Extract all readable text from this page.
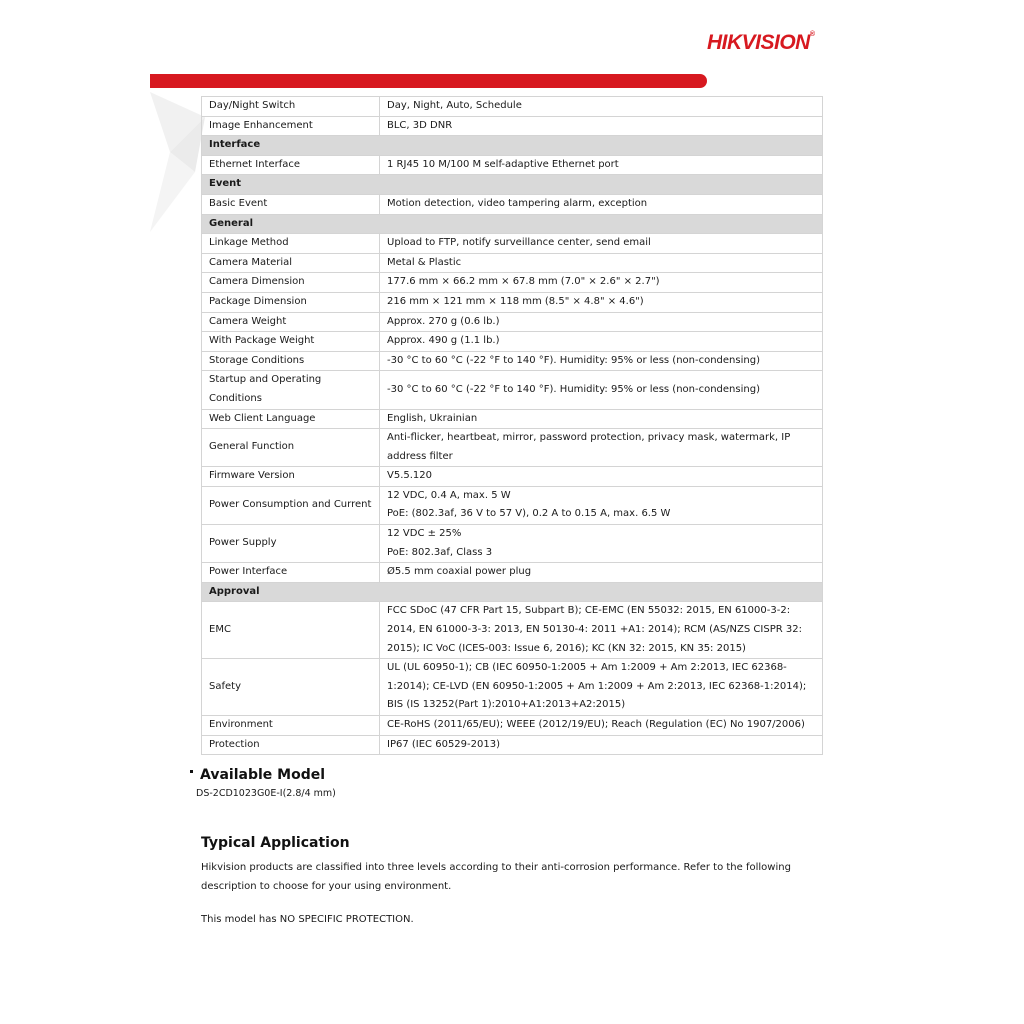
HIKVISION®
Day/Night Switch	Day, Night, Auto, Schedule
Image Enhancement	BLC, 3D DNR
Interface	
Ethernet Interface	1 RJ45 10 M/100 M self-adaptive Ethernet port
Event	
Basic Event	Motion detection, video tampering alarm, exception
General	
Linkage Method	Upload to FTP, notify surveillance center, send email
Camera Material	Metal & Plastic
Camera Dimension	177.6 mm × 66.2 mm × 67.8 mm (7.0" × 2.6" × 2.7")
Package Dimension	216 mm × 121 mm × 118 mm (8.5" × 4.8" × 4.6")
Camera Weight	Approx. 270 g (0.6 lb.)
With Package Weight	Approx. 490 g (1.1 lb.)
Storage Conditions	-30 °C to 60 °C (-22 °F to 140 °F). Humidity: 95% or less (non-condensing)
Startup and Operating Conditions	-30 °C to 60 °C (-22 °F to 140 °F). Humidity: 95% or less (non-condensing)
Web Client Language	English, Ukrainian
General Function	Anti-flicker, heartbeat, mirror, password protection, privacy mask, watermark, IP address filter
Firmware Version	V5.5.120
Power Consumption and Current	12 VDC, 0.4 A, max. 5 W
PoE: (802.3af, 36 V to 57 V), 0.2 A to 0.15 A, max. 6.5 W
Power Supply	12 VDC ± 25%
PoE: 802.3af, Class 3
Power Interface	Ø5.5 mm coaxial power plug
Approval	
EMC	FCC SDoC (47 CFR Part 15, Subpart B); CE-EMC (EN 55032: 2015, EN 61000-3-2: 2014, EN 61000-3-3: 2013, EN 50130-4: 2011 +A1: 2014); RCM (AS/NZS CISPR 32: 2015); IC VoC (ICES-003: Issue 6, 2016); KC (KN 32: 2015, KN 35: 2015)
Safety	UL (UL 60950-1); CB (IEC 60950-1:2005 + Am 1:2009 + Am 2:2013, IEC 62368-1:2014); CE-LVD (EN 60950-1:2005 + Am 1:2009 + Am 2:2013, IEC 62368-1:2014); BIS (IS 13252(Part 1):2010+A1:2013+A2:2015)
Environment	CE-RoHS (2011/65/EU); WEEE (2012/19/EU); Reach (Regulation (EC) No 1907/2006)
Protection	IP67 (IEC 60529-2013)
Available Model
DS-2CD1023G0E-I(2.8/4 mm)
Typical Application
Hikvision products are classified into three levels according to their anti-corrosion performance. Refer to the following description to choose for your using environment.
This model has NO SPECIFIC PROTECTION.
